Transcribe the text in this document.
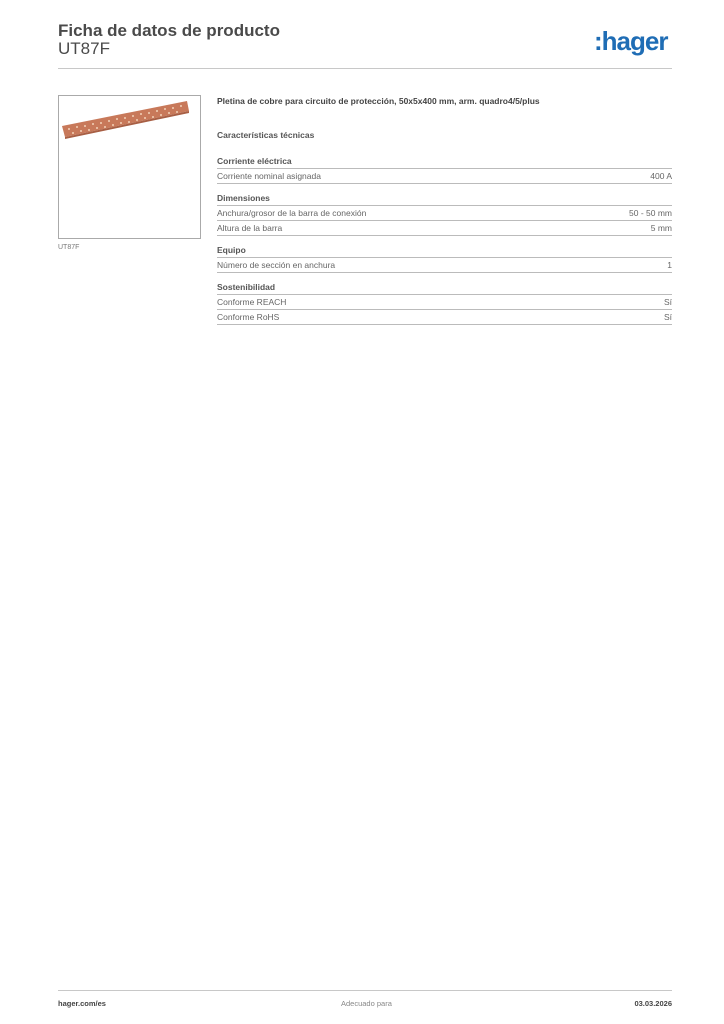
Ficha de datos de producto
UT87F	:hager
UT87F
Pletina de cobre para circuito de protección, 50x5x400 mm, arm. quadro4/5/plus
Características técnicas
Corriente eléctrica
Corriente nominal asignada	400 A
Dimensiones
Anchura/grosor de la barra de conexión	50 - 50 mm
Altura de la barra	5 mm
Equipo
Número de sección en anchura	1
Sostenibilidad
Conforme REACH	Sí
Conforme RoHS	Sí
hager.com/es	Adecuado para	03.03.2026
